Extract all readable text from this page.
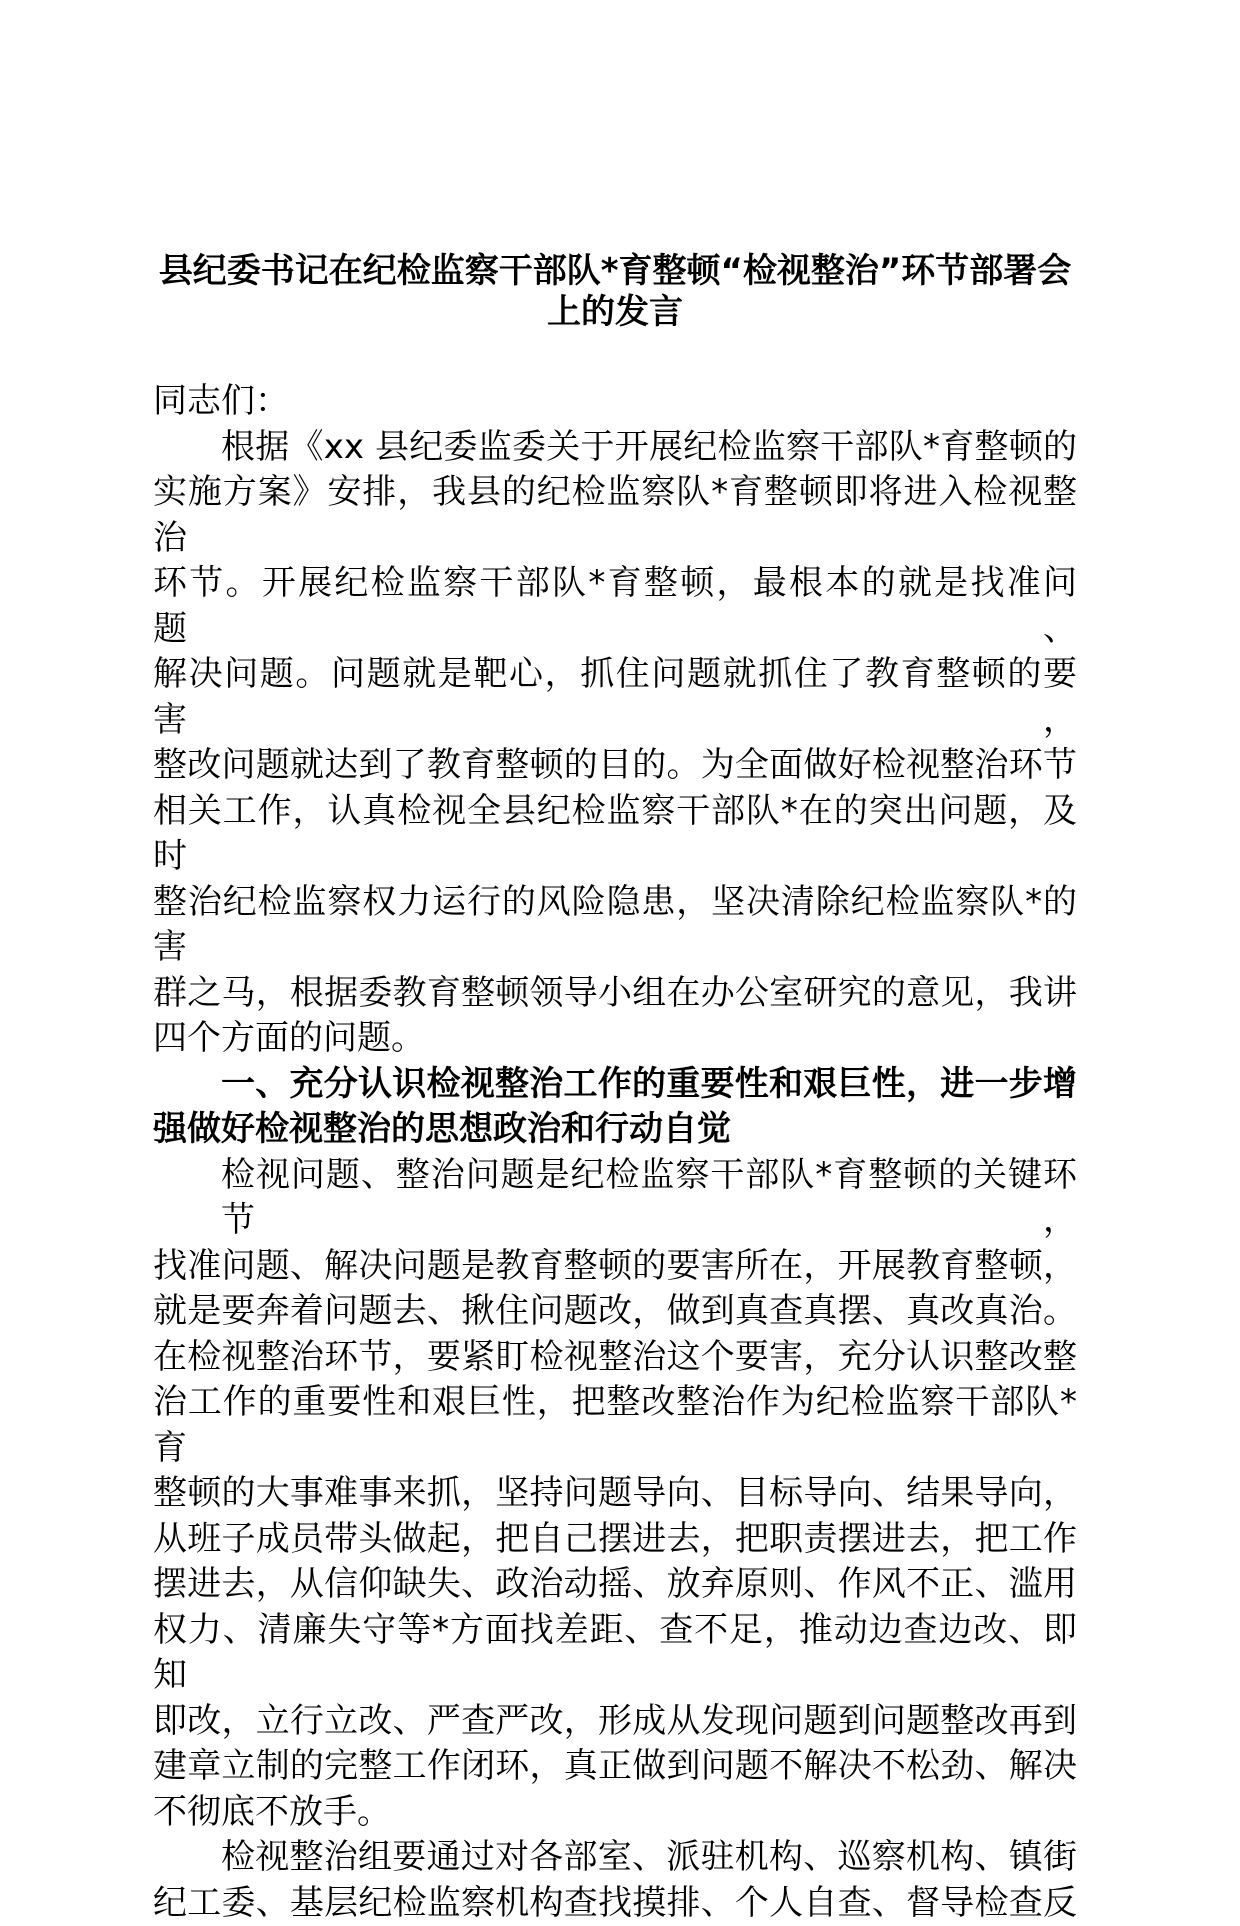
县纪委书记在纪检监察干部队*育整顿“检视整治”环节部署会
上的发言
同志们：
根据《xx 县纪委监委关于开展纪检监察干部队*育整顿的
实施方案》安排，我县的纪检监察队*育整顿即将进入检视整治
环节。开展纪检监察干部队*育整顿，最根本的就是找准问题、
解决问题。问题就是靶心，抓住问题就抓住了教育整顿的要害，
整改问题就达到了教育整顿的目的。为全面做好检视整治环节
相关工作，认真检视全县纪检监察干部队*在的突出问题，及时
整治纪检监察权力运行的风险隐患，坚决清除纪检监察队*的害
群之马，根据委教育整顿领导小组在办公室研究的意见，我讲
四个方面的问题。
一、充分认识检视整治工作的重要性和艰巨性，进一步增
强做好检视整治的思想政治和行动自觉
检视问题、整治问题是纪检监察干部队*育整顿的关键环节，
找准问题、解决问题是教育整顿的要害所在，开展教育整顿，
就是要奔着问题去、揪住问题改，做到真查真摆、真改真治。
在检视整治环节，要紧盯检视整治这个要害，充分认识整改整
治工作的重要性和艰巨性，把整改整治作为纪检监察干部队*育
整顿的大事难事来抓，坚持问题导向、目标导向、结果导向，
从班子成员带头做起，把自己摆进去，把职责摆进去，把工作
摆进去，从信仰缺失、政治动摇、放弃原则、作风不正、滥用
权力、清廉失守等*方面找差距、查不足，推动边查边改、即知
即改，立行立改、严查严改，形成从发现问题到问题整改再到
建章立制的完整工作闭环，真正做到问题不解决不松劲、解决
不彻底不放手。
检视整治组要通过对各部室、派驻机构、巡察机构、镇街
纪工委、基层纪检监察机构查找摸排、个人自查、督导检查反
